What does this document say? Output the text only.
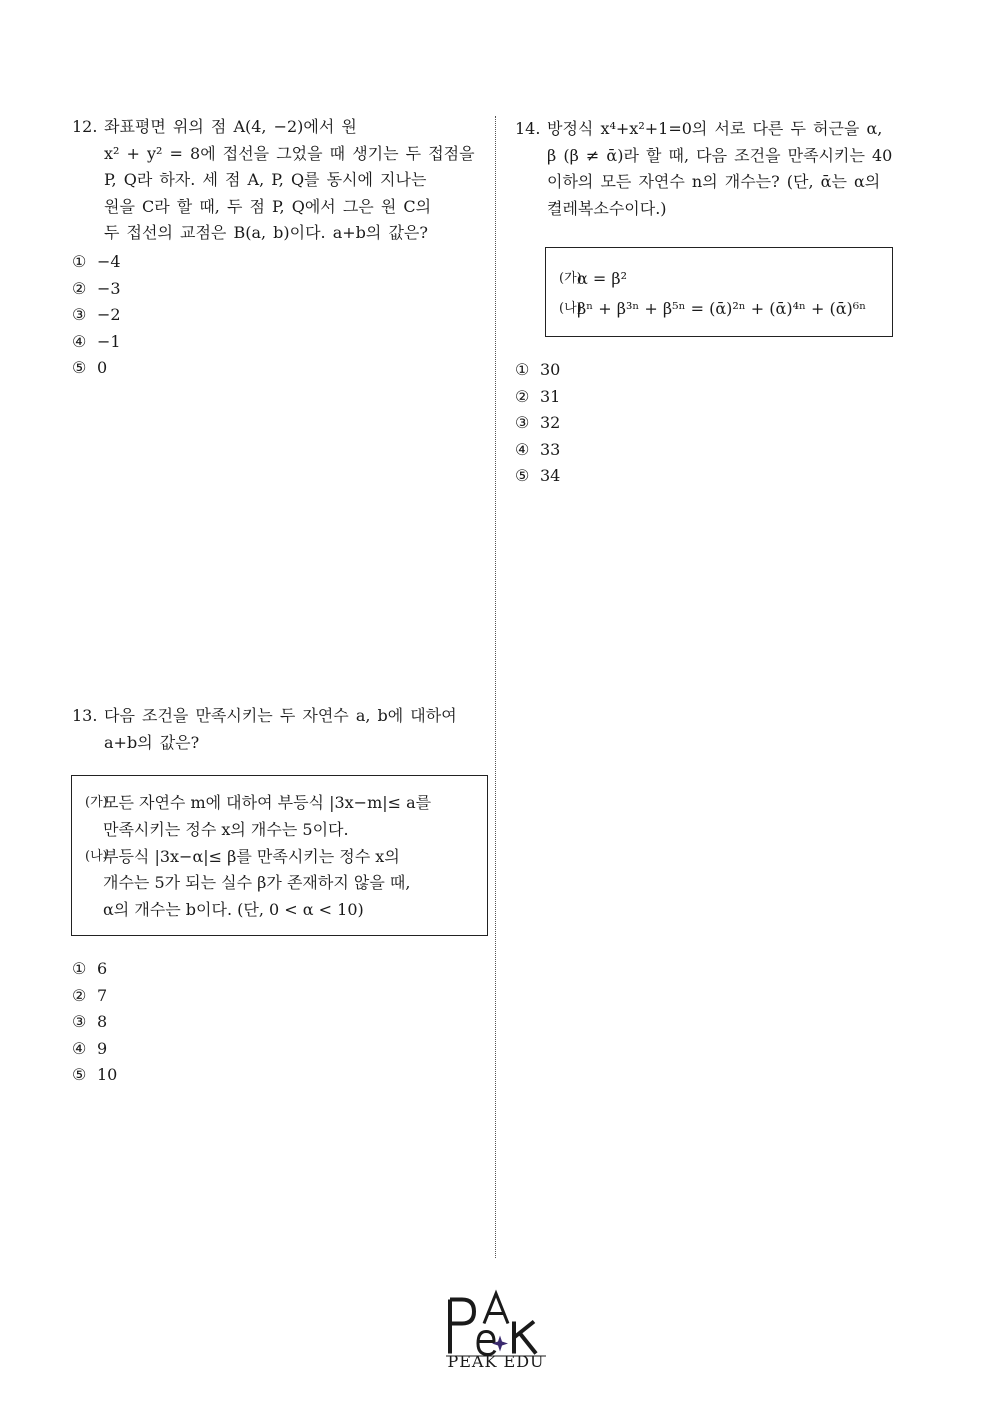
12. 좌표평면 위의 점 A(4, −2)에서 원
x² + y² = 8에 접선을 그었을 때 생기는 두 접점을
P, Q라 하자. 세 점 A, P, Q를 동시에 지나는
원을 C라 할 때, 두 점 P, Q에서 그은 원 C의
두 접선의 교점은 B(a, b)이다. a+b의 값은?
① −4
② −3
③ −2
④ −1
⑤ 0
13. 다음 조건을 만족시키는 두 자연수 a, b에 대하여
a+b의 값은?
(가)
모든 자연수 m에 대하여 부등식 |3x−m|≤ a를
만족시키는 정수 x의 개수는 5이다.
(나)
부등식 |3x−α|≤ β를 만족시키는 정수 x의
개수는 5가 되는 실수 β가 존재하지 않을 때,
α의 개수는 b이다. (단, 0 < α < 10)
① 6
② 7
③ 8
④ 9
⑤ 10
14. 방정식 x⁴+x²+1=0의 서로 다른 두 허근을 α,
β (β ≠ ᾱ)라 할 때, 다음 조건을 만족시키는 40
이하의 모든 자연수 n의 개수는? (단, ᾱ는 α의
켤레복소수이다.)
(가)
α = β²
(나)
βⁿ + β³ⁿ + β⁵ⁿ = (ᾱ)²ⁿ + (ᾱ)⁴ⁿ + (ᾱ)⁶ⁿ
① 30
② 31
③ 32
④ 33
⑤ 34
PEAK EDU
